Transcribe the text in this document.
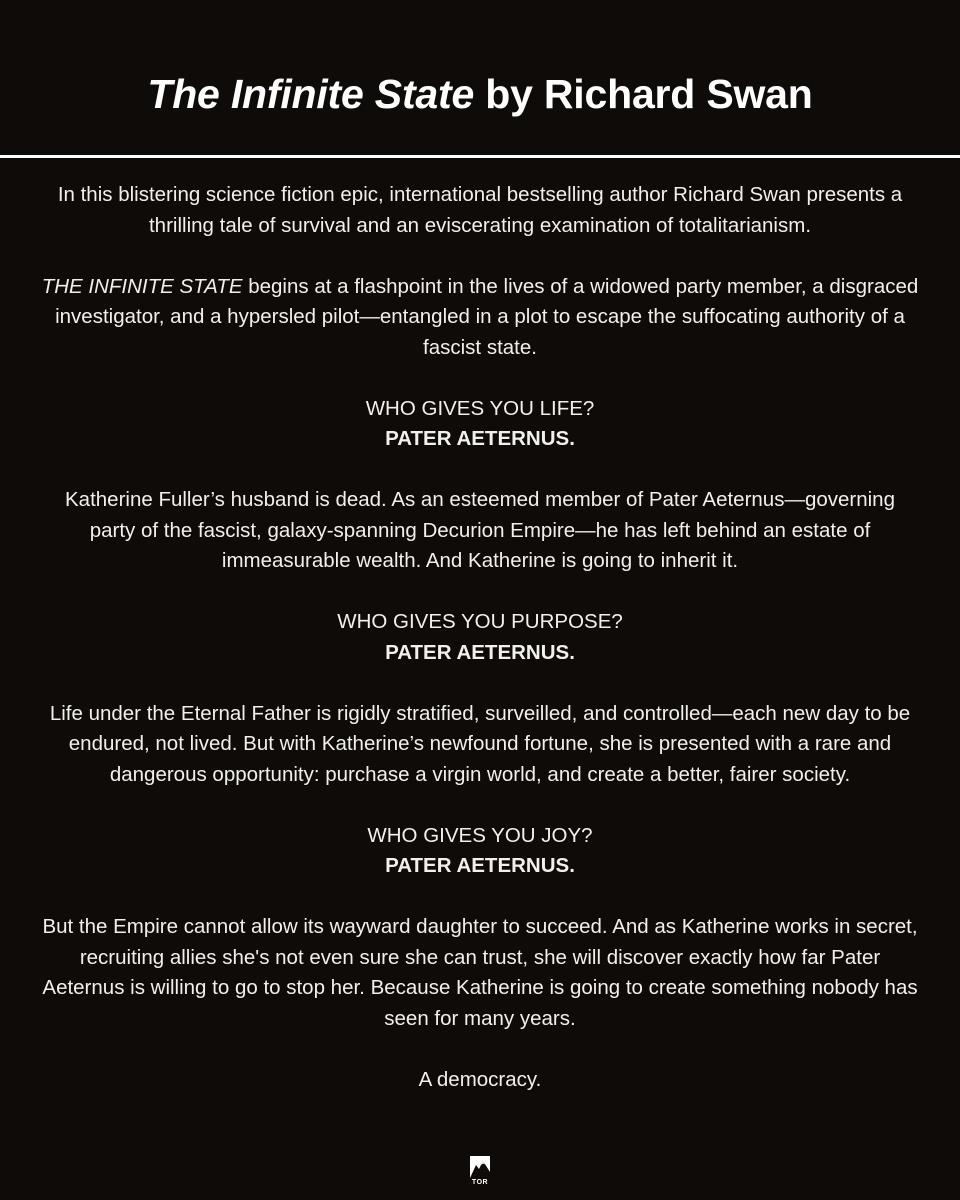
The Infinite State by Richard Swan

In this blistering science fiction epic, international bestselling author Richard Swan presents a thrilling tale of survival and an eviscerating examination of totalitarianism.

THE INFINITE STATE begins at a flashpoint in the lives of a widowed party member, a disgraced investigator, and a hypersled pilot—entangled in a plot to escape the suffocating authority of a fascist state.

WHO GIVES YOU LIFE?
PATER AETERNUS.

Katherine Fuller’s husband is dead. As an esteemed member of Pater Aeternus—governing party of the fascist, galaxy-spanning Decurion Empire—he has left behind an estate of immeasurable wealth. And Katherine is going to inherit it.

WHO GIVES YOU PURPOSE?
PATER AETERNUS.

Life under the Eternal Father is rigidly stratified, surveilled, and controlled—each new day to be endured, not lived. But with Katherine’s newfound fortune, she is presented with a rare and dangerous opportunity: purchase a virgin world, and create a better, fairer society.

WHO GIVES YOU JOY?
PATER AETERNUS.

But the Empire cannot allow its wayward daughter to succeed. And as Katherine works in secret, recruiting allies she's not even sure she can trust, she will discover exactly how far Pater Aeternus is willing to go to stop her. Because Katherine is going to create something nobody has seen for many years.

A democracy.

TOR
